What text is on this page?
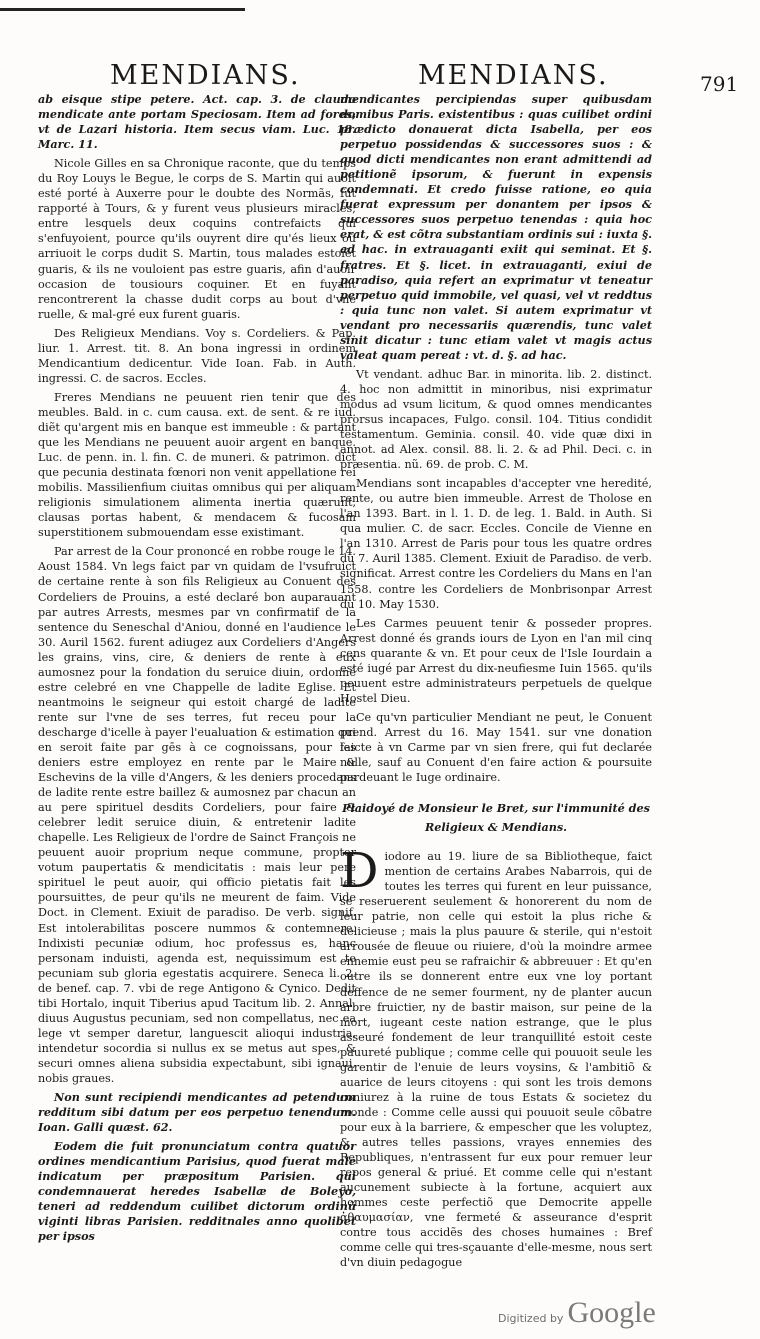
MENDIANS.	MENDIANS.	791

ab eisque stipe petere. Act. cap. 3. de claudo mendicate ante portam Speciosam. Item ad fores, vt de Lazari historia. Item secus viam. Luc. 18. Marc. 11.

Nicole Gilles en sa Chronique raconte, que du temps du Roy Louys le Begue, le corps de S. Martin qui auoit esté porté à Auxerre pour le doubte des Normãs, fut rapporté à Tours, & y furent veus plusieurs miracles; entre lesquels deux coquins contrefaicts qui s'enfuyoient, pource qu'ils ouyrent dire qu'és lieux où arriuoit le corps dudit S. Martin, tous malades estoiẽt guaris, & ils ne vouloient pas estre guaris, afin d'auoir occasion de tousiours coquiner. Et en fuyant rencontrerent la chasse dudit corps au bout d'vne ruelle, & mal-gré eux furent guaris.

Des Religieux Mendians. Voy s. Cordeliers. & Pap. liur. 1. Arrest. tit. 8. An bona ingressi in ordinem Mendicantium dedicentur. Vide Ioan. Fab. in Auth. ingressi. C. de sacros. Eccles.

Freres Mendians ne peuuent rien tenir que des meubles. Bald. in c. cum causa. ext. de sent. & re iud. diẽt qu'argent mis en banque est immeuble : & partant que les Mendians ne peuuent auoir argent en banque. Luc. de penn. in. l. fin. C. de muneri. & patrimon. dict que pecunia destinata fœnori non venit appellatione rei mobilis. Massilienfium ciuitas omnibus qui per aliquam religionis simulationem alimenta inertia quærunt, clausas portas habent, & mendacem & fucosam superstitionem submouendam esse existimant.

Par arrest de la Cour prononcé en robbe rouge le 14. Aoust 1584. Vn legs faict par vn quidam de l'vsufruict de certaine rente à son fils Religieux au Conuent des Cordeliers de Prouins, a esté declaré bon auparauant par autres Arrests, mesmes par vn confirmatif de la sentence du Seneschal d'Aniou, donné en l'audience le 30. Auril 1562. furent adiugez aux Cordeliers d'Angers les grains, vins, cire, & deniers de rente à eux aumosnez pour la fondation du seruice diuin, ordonné estre celebré en vne Chappelle de ladite Eglise. Et neantmoins le seigneur qui estoit chargé de ladite rente sur l'vne de ses terres, fut receu pour la descharge d'icelle à payer l'eualuation & estimation qui en seroit faite par gēs à ce cognoissans, pour les deniers estre employez en rente par le Maire & Eschevins de la ville d'Angers, & les deniers procedans de ladite rente estre baillez & aumosnez par chacun an au pere spirituel desdits Cordeliers, pour faire & celebrer ledit seruice diuin, & entretenir ladite chapelle. Les Religieux de l'ordre de Sainct François ne peuuent auoir proprium neque commune, propter votum paupertatis & mendicitatis : mais leur pere spirituel le peut auoir, qui officio pietatis fait les poursuittes, de peur qu'ils ne meurent de faim. Vide Doct. in Clement. Exiuit de paradiso. De verb. signif. Est intolerabilitas poscere nummos & contemnere. Indixisti pecuniæ odium, hoc professus es, hanc personam induisti, agenda est, nequissimum est te pecuniam sub gloria egestatis acquirere. Seneca li. 2. de benef. cap. 7. vbi de rege Antigono & Cynico. Dedit tibi Hortalo, inquit Tiberius apud Tacitum lib. 2. Annal. diuus Augustus pecuniam, sed non compellatus, nec ea lege vt semper daretur, languescit alioqui industria, intendetur socordia si nullus ex se metus aut spes, & securi omnes aliena subsidia expectabunt, sibi ignaui, nobis graues.

Non sunt recipiendi mendicantes ad petendum redditum sibi datum per eos perpetuo tenendum. Ioan. Galli quæst. 62.

Eodem die fuit pronunciatum contra quatuor ordines mendicantium Parisius, quod fuerat male indicatum per præpositum Parisien. qui condemnauerat heredes Isabellæ de Boleyo, teneri ad reddendum cuilibet dictorum ordinũ viginti libras Parisien. redditnales anno quolibet per ipsos

mendicantes percipiendas super quibusdam domibus Paris. existentibus : quas cuilibet ordini prædicto donauerat dicta Isabella, per eos perpetuo possidendas & successores suos : & quod dicti mendicantes non erant admittendi ad petitionẽ ipsorum, & fuerunt in expensis condemnati. Et credo fuisse ratione, eo quia fuerat expressum per donantem per ipsos & successores suos perpetuo tenendas : quia hoc erat, & est cõtra substantiam ordinis sui : iuxta §. ad hac. in extrauaganti exiit qui seminat. Et §. fratres. Et §. licet. in extrauaganti, exiui de paradiso, quia refert an exprimatur vt teneatur perpetuo quid immobile, vel quasi, vel vt reddtus : quia tunc non valet. Si autem exprimatur vt vendant pro necessariis quærendis, tunc valet sinit dicatur : tunc etiam valet vt magis actus valeat quam pereat : vt. d. §. ad hac.

Vt vendant. adhuc Bar. in minorita. lib. 2. distinct. 4. hoc non admittit in minoribus, nisi exprimatur modus ad vsum licitum, & quod omnes mendicantes prorsus incapaces, Fulgo. consil. 104. Titius condidit testamentum. Geminia. consil. 40. vide quæ dixi in annot. ad Alex. consil. 88. li. 2. & ad Phil. Deci. c. in præsentia. nũ. 69. de prob. C. M.

Mendians sont incapables d'accepter vne heredité, rente, ou autre bien immeuble. Arrest de Tholose en l'an 1393. Bart. in l. 1. D. de leg. 1. Bald. in Auth. Si qua mulier. C. de sacr. Eccles. Concile de Vienne en l'an 1310. Arrest de Paris pour tous les quatre ordres du 7. Auril 1385. Clement. Exiuit de Paradiso. de verb. significat. Arrest contre les Cordeliers du Mans en l'an 1558. contre les Cordeliers de Monbrisonpar Arrest du 10. May 1530.

Les Carmes peuuent tenir & posseder propres. Arrest donné és grands iours de Lyon en l'an mil cinq cens quarante & vn. Et pour ceux de l'Isle Iourdain a esté iugé par Arrest du dix-neufiesme Iuin 1565. qu'ils peuuent estre administrateurs perpetuels de quelque Hostel Dieu.

Ce qu'vn particulier Mendiant ne peut, le Conuent prend. Arrest du 16. May 1541. sur vne donation faicte à vn Carme par vn sien frere, qui fut declarée nulle, sauf au Conuent d'en faire action & poursuite pardeuant le Iuge ordinaire.

Plaidoyé de Monsieur le Bret, sur l'immunité des Religieux & Mendians.

Diodore au 19. liure de sa Bibliotheque, faict mention de certains Arabes Nabarrois, qui de toutes les terres qui furent en leur puissance, se reseruerent seulement & honorerent du nom de leur patrie, non celle qui estoit la plus riche & delicieuse ; mais la plus pauure & sterile, qui n'estoit arrousée de fleuue ou riuiere, d'où la moindre armee ennemie eust peu se rafraichir & abbreuuer : Et qu'en outre ils se donnerent entre eux vne loy portant deffence de ne semer fourment, ny de planter aucun arbre fruictier, ny de bastir maison, sur peine de la mort, iugeant ceste nation estrange, que le plus asseuré fondement de leur tranquillité estoit ceste pauureté publique ; comme celle qui pouuoit seule les garentir de l'enuie de leurs voysins, & l'ambitiõ & auarice de leurs citoyens : qui sont les trois demons coniurez à la ruine de tous Estats & societez du monde : Comme celle aussi qui pouuoit seule cõbatre pour eux à la barriere, & empescher que les voluptez, & autres telles passions, vrayes ennemies des Republiques, n'entrassent fur eux pour remuer leur repos general & priué. Et comme celle qui n'estant aucunement subiecte à la fortune, acquiert aux hommes ceste perfectiõ que Democrite appelle ἀθαυμασίαν, vne fermeté & asseurance d'esprit contre tous accidẽs des choses humaines : Bref comme celle qui tres-sçauante d'elle-mesme, nous sert d'vn diuin pedagogue

Digitized by Google
